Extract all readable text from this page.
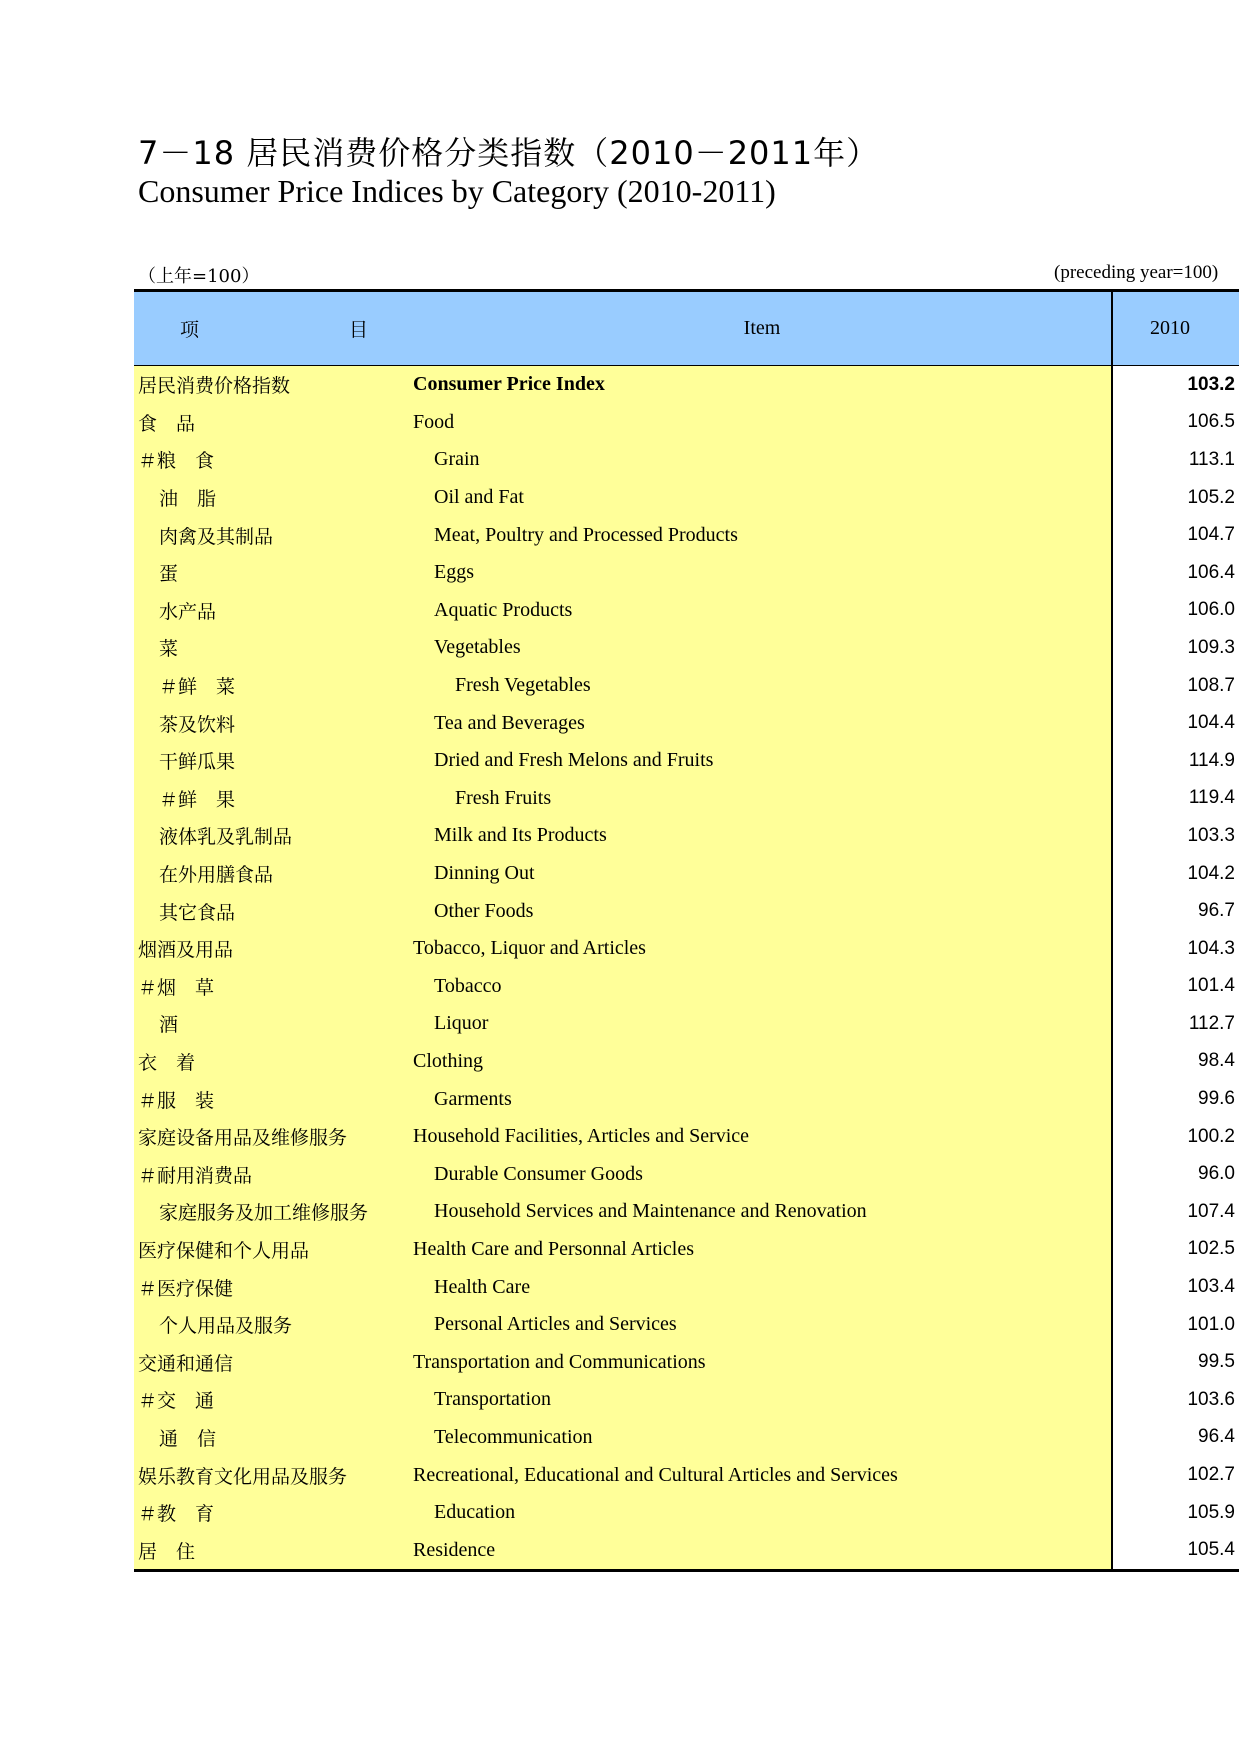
7－18 居民消费价格分类指数（2010－2011年）
Consumer Price Indices by Category (2010-2011)
（上年=100）	(preceding year=100)
项 目	Item	2010
居民消费价格指数	Consumer Price Index	103.2
食　品	Food	106.5
＃粮　食	Grain	113.1
油　脂	Oil and Fat	105.2
肉禽及其制品	Meat, Poultry and Processed Products	104.7
蛋	Eggs	106.4
水产品	Aquatic Products	106.0
菜	Vegetables	109.3
＃鲜　菜	Fresh Vegetables	108.7
茶及饮料	Tea and Beverages	104.4
干鲜瓜果	Dried and Fresh Melons and Fruits	114.9
＃鲜　果	Fresh Fruits	119.4
液体乳及乳制品	Milk and Its Products	103.3
在外用膳食品	Dinning Out	104.2
其它食品	Other Foods	96.7
烟酒及用品	Tobacco, Liquor and Articles	104.3
＃烟　草	Tobacco	101.4
酒	Liquor	112.7
衣　着	Clothing	98.4
＃服　装	Garments	99.6
家庭设备用品及维修服务	Household Facilities, Articles and Service	100.2
＃耐用消费品	Durable Consumer Goods	96.0
家庭服务及加工维修服务	Household Services and Maintenance and Renovation	107.4
医疗保健和个人用品	Health Care and Personnal Articles	102.5
＃医疗保健	Health Care	103.4
个人用品及服务	Personal Articles and Services	101.0
交通和通信	Transportation and Communications	99.5
＃交　通	Transportation	103.6
通　信	Telecommunication	96.4
娱乐教育文化用品及服务	Recreational, Educational and Cultural Articles and Services	102.7
＃教　育	Education	105.9
居　住	Residence	105.4
